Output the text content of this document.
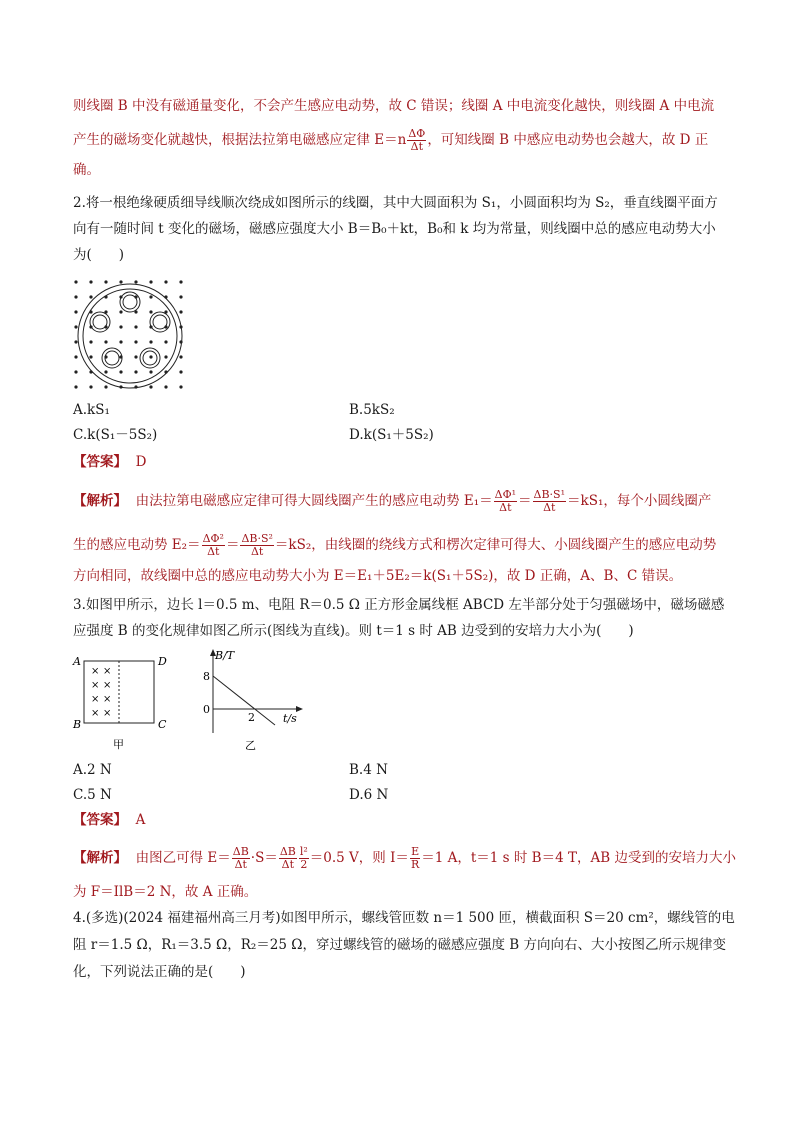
则线圈 B 中没有磁通量变化，不会产生感应电动势，故 C 错误；线圈 A 中电流变化越快，则线圈 A 中电流
产生的磁场变化就越快，根据法拉第电磁感应定律 $E=n \frac{\Delta\Phi}{\Delta t}$ ，可知线圈 B 中感应电动势也会越大，故 D 正
确。
2.将一根绝缘硬质细导线顺次绕成如图所示的线圈，其中大圆面积为 S₁，小圆面积均为 S₂，垂直线圈平面方
向有一随时间 t 变化的磁场，磁感应强度大小 B＝B₀＋kt，B₀和 k 均为常量，则线圈中总的感应电动势大小
为(　　)
A.kS₁	B.5kS₂
C.k(S₁－5S₂)	D.k(S₁＋5S₂)
【答案】 D
【解析】 由法拉第电磁感应定律可得大圆线圈产生的感应电动势 $E_1= \frac{\text{ΔΦ¹}}{\Delta t} = \frac{\text{ΔB·S¹}}{\Delta t} =kS_1$，每个小圆线圈产
生的感应电动势 $E_2= \frac{\text{ΔΦ²}}{\Delta t} = \frac{\text{ΔB·S²}}{\Delta t} =kS_2$，由线圈的绕线方式和楞次定律可得大、小圆线圈产生的感应电动势
方向相同，故线圈中总的感应电动势大小为 E＝E₁＋5E₂＝k(S₁＋5S₂)，故 D 正确，A、B、C 错误。
3.如图甲所示，边长 l＝0.5 m、电阻 R＝0.5 Ω 正方形金属线框 ABCD 左半部分处于匀强磁场中，磁场磁感
应强度 B 的变化规律如图乙所示(图线为直线)。则 t＝1 s 时 AB 边受到的安培力大小为(　　)
A	D
B	C
× ×
× ×
× ×
× ×
甲
B/T
t/s
8
0
2
乙
A.2 N	B.4 N
C.5 N	D.6 N
【答案】 A
【解析】 由图乙可得 $E= \frac{\Delta B}{\Delta t} \cdot S= \frac{\Delta B}{\Delta t} \frac{\text{l²}}{2} =0.5$ V，则 $I= \frac{E}{R} =1$ A，t＝1 s 时 B＝4 T，AB 边受到的安培力大小
为 F＝IlB＝2 N，故 A 正确。
4.(多选)(2024 福建福州高三月考)如图甲所示，螺线管匝数 n＝1 500 匝，横截面积 S＝20 cm²，螺线管的电
阻 r＝1.5 Ω，R₁＝3.5 Ω，R₂＝25 Ω，穿过螺线管的磁场的磁感应强度 B 方向向右、大小按图乙所示规律变
化，下列说法正确的是(　　)
